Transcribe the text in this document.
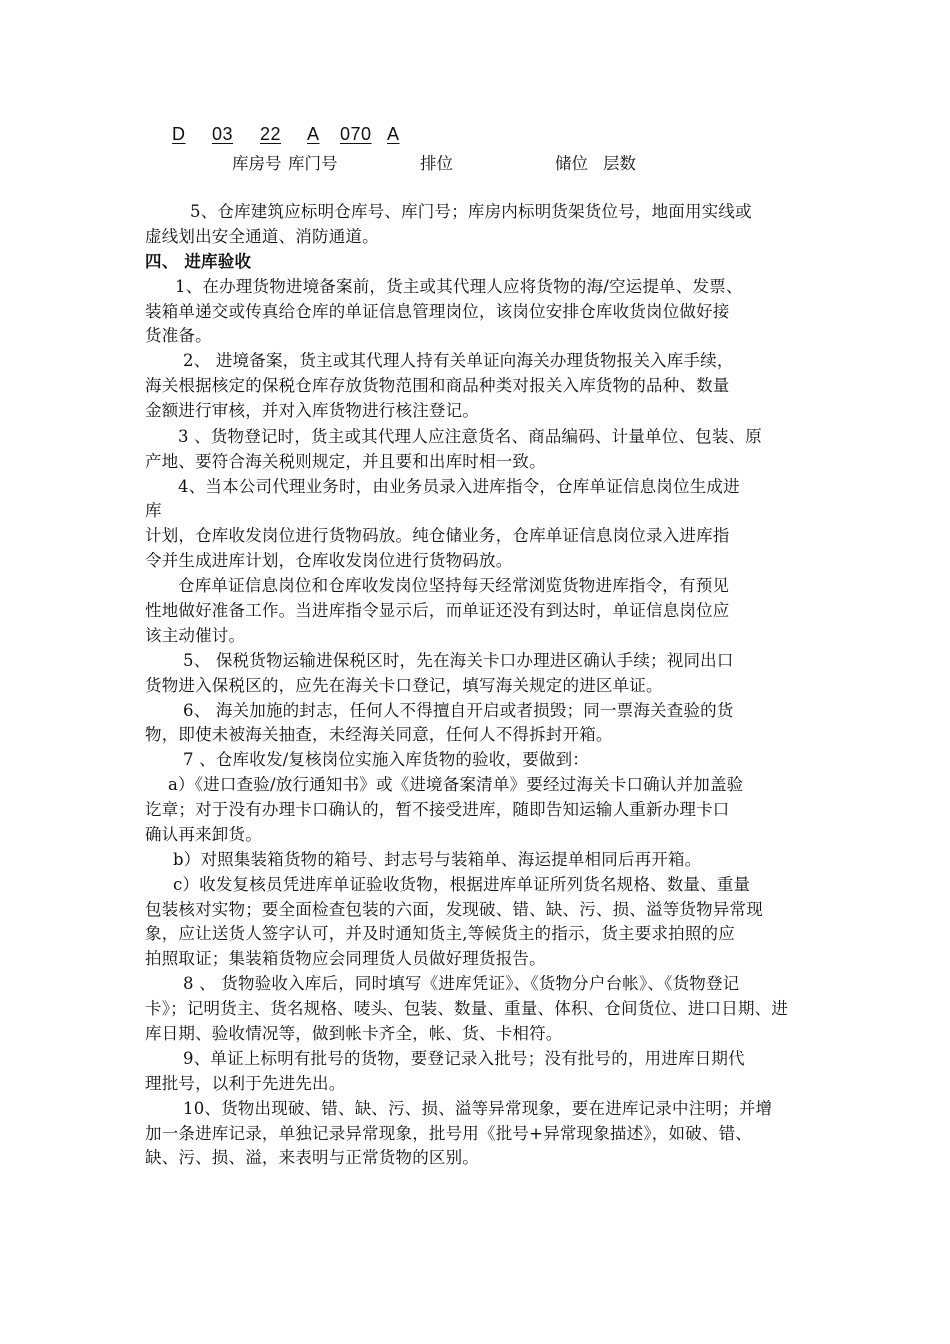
D 03 22 A 070 A
库房号 库门号	排位	储位 层数
5、仓库建筑应标明仓库号、库门号；库房内标明货架货位号，地面用实线或
虚线划出安全通道、消防通道。
四、 进库验收
1、在办理货物进境备案前，货主或其代理人应将货物的海/空运提单、发票、
装箱单递交或传真给仓库的单证信息管理岗位，该岗位安排仓库收货岗位做好接
货准备。
2、 进境备案，货主或其代理人持有关单证向海关办理货物报关入库手续，
海关根据核定的保税仓库存放货物范围和商品种类对报关入库货物的品种、数量
金额进行审核，并对入库货物进行核注登记。
3 、货物登记时，货主或其代理人应注意货名、商品编码、计量单位、包装、原
产地、要符合海关税则规定，并且要和出库时相一致。
4、当本公司代理业务时，由业务员录入进库指令，仓库单证信息岗位生成进
库
计划，仓库收发岗位进行货物码放。纯仓储业务，仓库单证信息岗位录入进库指
令并生成进库计划，仓库收发岗位进行货物码放。
仓库单证信息岗位和仓库收发岗位坚持每天经常浏览货物进库指令，有预见
性地做好准备工作。当进库指令显示后，而单证还没有到达时，单证信息岗位应
该主动催讨。
5、 保税货物运输进保税区时，先在海关卡口办理进区确认手续；视同出口
货物进入保税区的，应先在海关卡口登记，填写海关规定的进区单证。
6、 海关加施的封志，任何人不得擅自开启或者损毁；同一票海关查验的货
物，即使未被海关抽查，未经海关同意，任何人不得拆封开箱。
7 、仓库收发/复核岗位实施入库货物的验收，要做到：
a）《进口查验/放行通知书》或《进境备案清单》要经过海关卡口确认并加盖验
讫章；对于没有办理卡口确认的，暂不接受进库，随即告知运输人重新办理卡口
确认再来卸货。
b）对照集装箱货物的箱号、封志号与装箱单、海运提单相同后再开箱。
c）收发复核员凭进库单证验收货物，根据进库单证所列货名规格、数量、重量
包装核对实物；要全面检查包装的六面，发现破、错、缺、污、损、溢等货物异常现
象，应让送货人签字认可，并及时通知货主,等候货主的指示，货主要求拍照的应
拍照取证；集装箱货物应会同理货人员做好理货报告。
8 、 货物验收入库后，同时填写《进库凭证》、《货物分户台帐》、《货物登记
卡》；记明货主、货名规格、唛头、包装、数量、重量、体积、仓间货位、进口日期、进
库日期、验收情况等，做到帐卡齐全，帐、货、卡相符。
9、单证上标明有批号的货物，要登记录入批号；没有批号的，用进库日期代
理批号，以利于先进先出。
10、货物出现破、错、缺、污、损、溢等异常现象，要在进库记录中注明；并增
加一条进库记录，单独记录异常现象，批号用《批号+异常现象描述》，如破、错、
缺、污、损、溢，来表明与正常货物的区别。
